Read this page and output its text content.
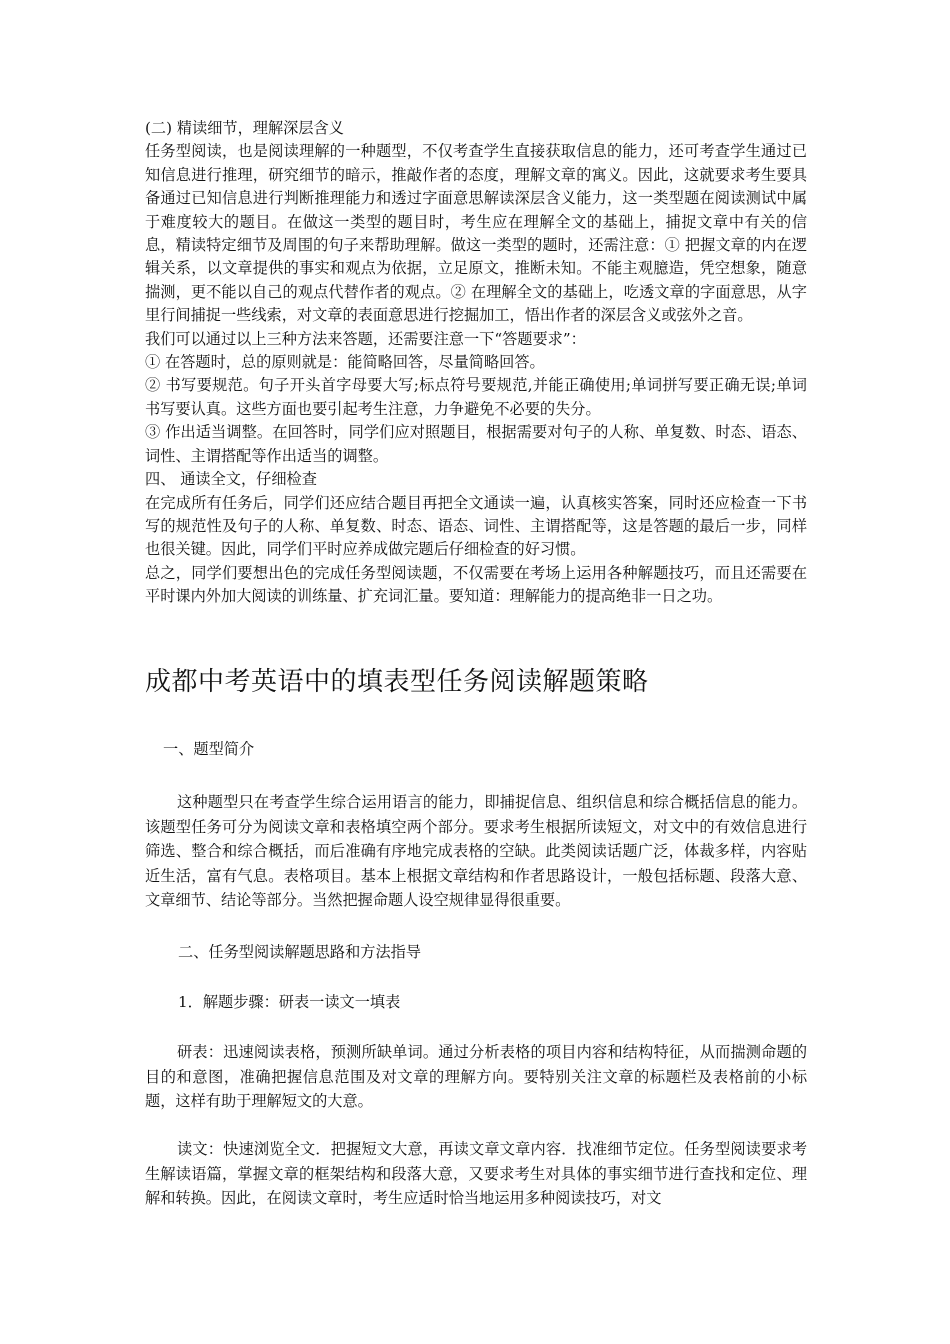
(二) 精读细节，理解深层含义

任务型阅读，也是阅读理解的一种题型，不仅考查学生直接获取信息的能力，还可考查学生通过已知信息进行推理，研究细节的暗示，推敲作者的态度，理解文章的寓义。因此，这就要求考生要具备通过已知信息进行判断推理能力和透过字面意思解读深层含义能力，这一类型题在阅读测试中属于难度较大的题目。在做这一类型的题目时，考生应在理解全文的基础上，捕捉文章中有关的信息，精读特定细节及周围的句子来帮助理解。做这一类型的题时，还需注意：① 把握文章的内在逻辑关系，以文章提供的事实和观点为依据，立足原文，推断未知。不能主观臆造，凭空想象，随意揣测，更不能以自己的观点代替作者的观点。② 在理解全文的基础上，吃透文章的字面意思，从字里行间捕捉一些线索，对文章的表面意思进行挖掘加工，悟出作者的深层含义或弦外之音。

我们可以通过以上三种方法来答题，还需要注意一下“答题要求”：

① 在答题时，总的原则就是：能简略回答，尽量简略回答。

② 书写要规范。句子开头首字母要大写;标点符号要规范,并能正确使用;单词拼写要正确无误;单词书写要认真。这些方面也要引起考生注意，力争避免不必要的失分。

③ 作出适当调整。在回答时，同学们应对照题目，根据需要对句子的人称、单复数、时态、语态、词性、主谓搭配等作出适当的调整。

四、 通读全文，仔细检查

在完成所有任务后，同学们还应结合题目再把全文通读一遍，认真核实答案，同时还应检查一下书写的规范性及句子的人称、单复数、时态、语态、词性、主谓搭配等，这是答题的最后一步，同样也很关键。因此，同学们平时应养成做完题后仔细检查的好习惯。

总之，同学们要想出色的完成任务型阅读题，不仅需要在考场上运用各种解题技巧，而且还需要在平时课内外加大阅读的训练量、扩充词汇量。要知道：理解能力的提高绝非一日之功。

成都中考英语中的填表型任务阅读解题策略

一、题型简介

这种题型只在考查学生综合运用语言的能力，即捕捉信息、组织信息和综合概括信息的能力。该题型任务可分为阅读文章和表格填空两个部分。要求考生根据所读短文，对文中的有效信息进行筛选、整合和综合概括，而后准确有序地完成表格的空缺。此类阅读话题广泛，体裁多样，内容贴近生活，富有气息。表格项目。基本上根据文章结构和作者思路设计，一般包括标题、段落大意、文章细节、结论等部分。当然把握命题人设空规律显得很重要。

二、任务型阅读解题思路和方法指导

1．解题步骤：研表一读文一填表

研表：迅速阅读表格，预测所缺单词。通过分析表格的项目内容和结构特征，从而揣测命题的目的和意图，准确把握信息范围及对文章的理解方向。要特别关注文章的标题栏及表格前的小标题，这样有助于理解短文的大意。

读文：快速浏览全文．把握短文大意，再读文章文章内容．找准细节定位。任务型阅读要求考生解读语篇，掌握文章的框架结构和段落大意，又要求考生对具体的事实细节进行查找和定位、理解和转换。因此，在阅读文章时，考生应适时恰当地运用多种阅读技巧，对文
